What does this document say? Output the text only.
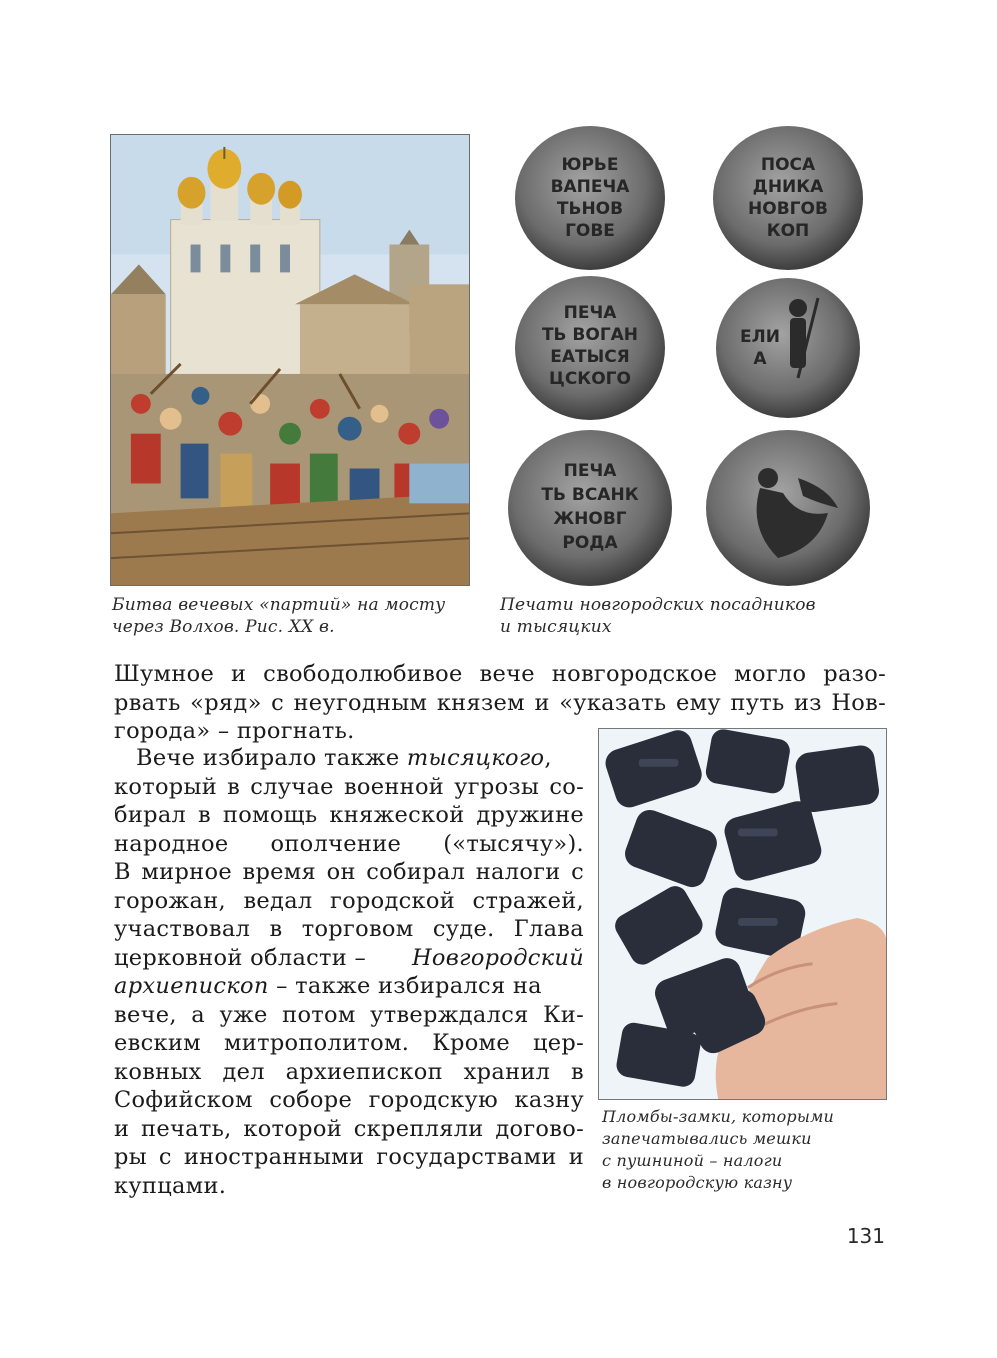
ЮРЬЕ
ВАПЕЧА
ТЬНОВ
ГОВЕ
ПОСА
ДНИКА
НОВГОВ
КОП
ПЕЧА
ТЬ ВОГАН
ЕАТЫСЯ
ЦСКОГО
ЕЛИ
А
ПЕЧА
ТЬ ВСАНК
ЖНОВГ
РОДА

Битва вечевых «партий» на мосту
через Волхов. Рис. XX в.

Печати новгородских посадников
и тысяцких

Шумное и свободолюбивое вече новгородское могло разо-
рвать «ряд» с неугодным князем и «указать ему путь из Нов-
города» – прогнать.

Вече избирало также тысяцкого,
который в случае военной угрозы со-
бирал в помощь княжеской дружине
народное ополчение («тысячу»).
В мирное время он собирал налоги с
горожан, ведал городской стражей,
участвовал в торговом суде. Глава
церковной области – Новгородский
архиепископ – также избирался на
вече, а уже потом утверждался Ки-
евским митрополитом. Кроме цер-
ковных дел архиепископ хранил в
Софийском соборе городскую казну
и печать, которой скрепляли догово-
ры с иностранными государствами и
купцами.

Пломбы-замки, которыми
запечатывались мешки
с пушниной – налоги
в новгородскую казну

131
